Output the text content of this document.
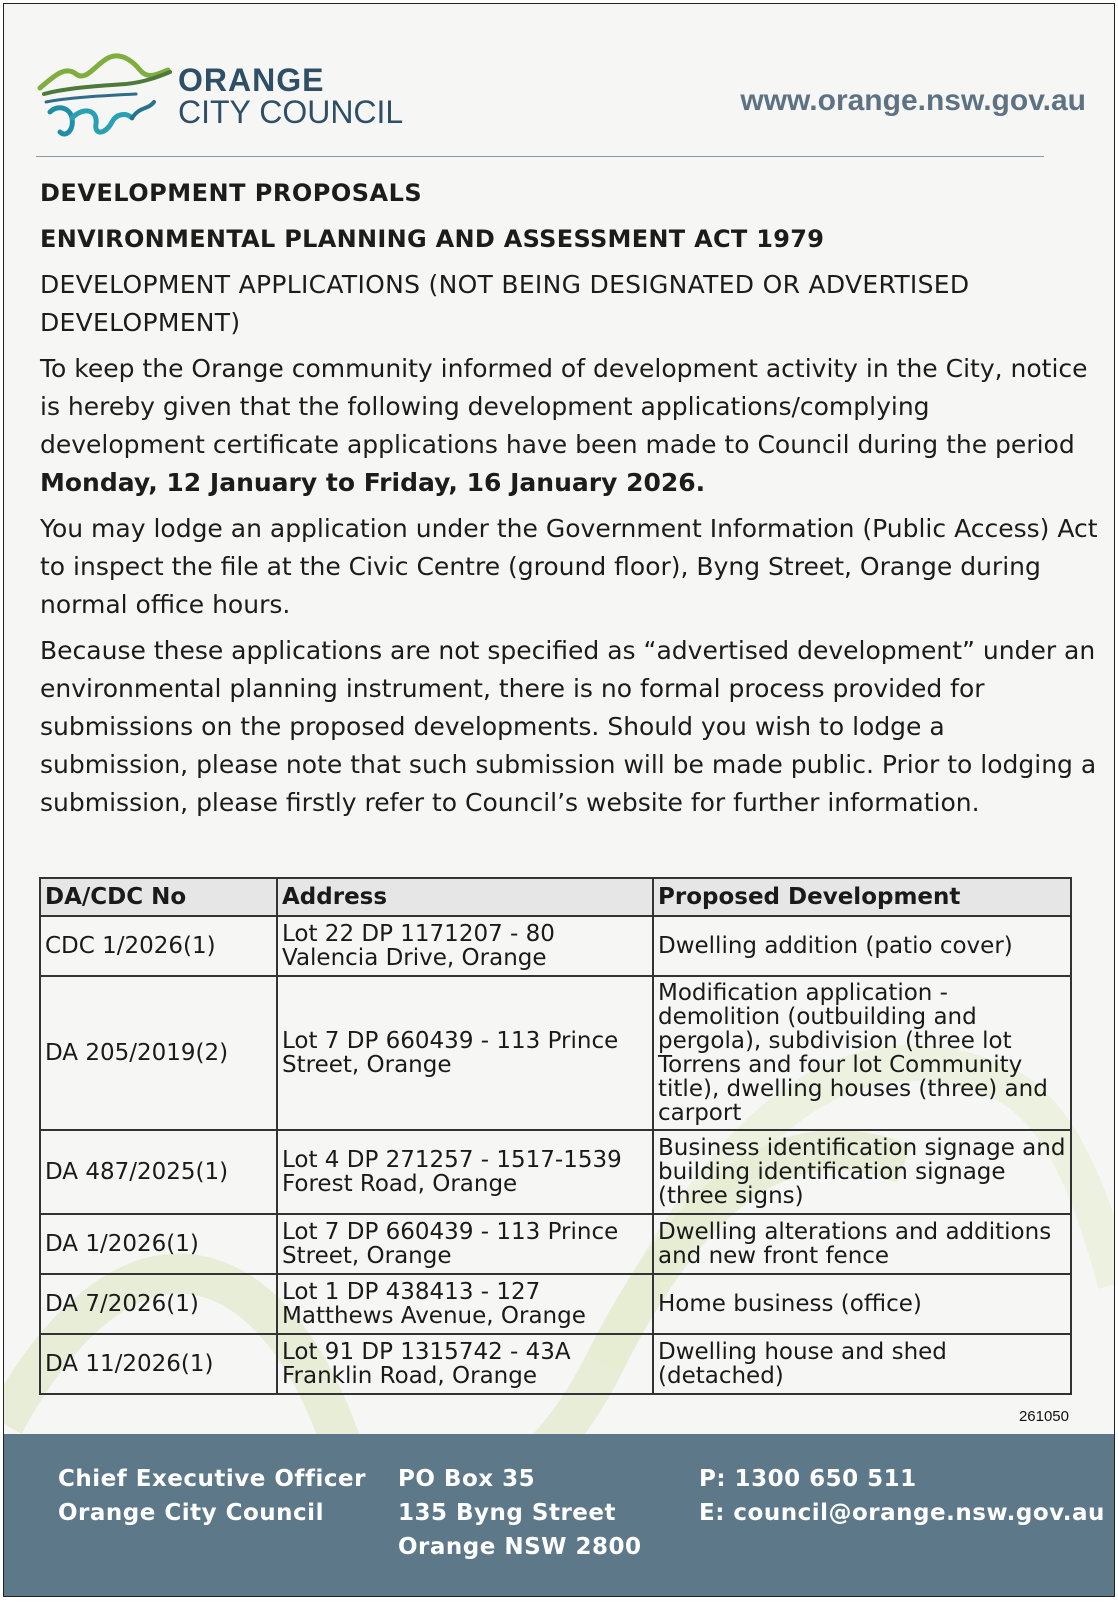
ORANGE
CITY COUNCIL	www.orange.nsw.gov.au
DEVELOPMENT PROPOSALS
ENVIRONMENTAL PLANNING AND ASSESSMENT ACT 1979
DEVELOPMENT APPLICATIONS (NOT BEING DESIGNATED OR ADVERTISED DEVELOPMENT)
To keep the Orange community informed of development activity in the City, notice is hereby given that the following development applications/complying development certificate applications have been made to Council during the period Monday, 12 January to Friday, 16 January 2026.
You may lodge an application under the Government Information (Public Access) Act to inspect the file at the Civic Centre (ground floor), Byng Street, Orange during normal office hours.
Because these applications are not specified as “advertised development” under an environmental planning instrument, there is no formal process provided for submissions on the proposed developments. Should you wish to lodge a submission, please note that such submission will be made public. Prior to lodging a submission, please firstly refer to Council’s website for further information.
DA/CDC No	Address	Proposed Development
CDC 1/2026(1)	Lot 22 DP 1171207 - 80 Valencia Drive, Orange	Dwelling addition (patio cover)
DA 205/2019(2)	Lot 7 DP 660439 - 113 Prince Street, Orange	Modification application - demolition (outbuilding and pergola), subdivision (three lot Torrens and four lot Community title), dwelling houses (three) and carport
DA 487/2025(1)	Lot 4 DP 271257 - 1517-1539 Forest Road, Orange	Business identification signage and building identification signage (three signs)
DA 1/2026(1)	Lot 7 DP 660439 - 113 Prince Street, Orange	Dwelling alterations and additions and new front fence
DA 7/2026(1)	Lot 1 DP 438413 - 127 Matthews Avenue, Orange	Home business (office)
DA 11/2026(1)	Lot 91 DP 1315742 - 43A Franklin Road, Orange	Dwelling house and shed (detached)
261050
Chief Executive Officer
Orange City Council
PO Box 35
135 Byng Street
Orange NSW 2800
P: 1300 650 511
E: council@orange.nsw.gov.au
